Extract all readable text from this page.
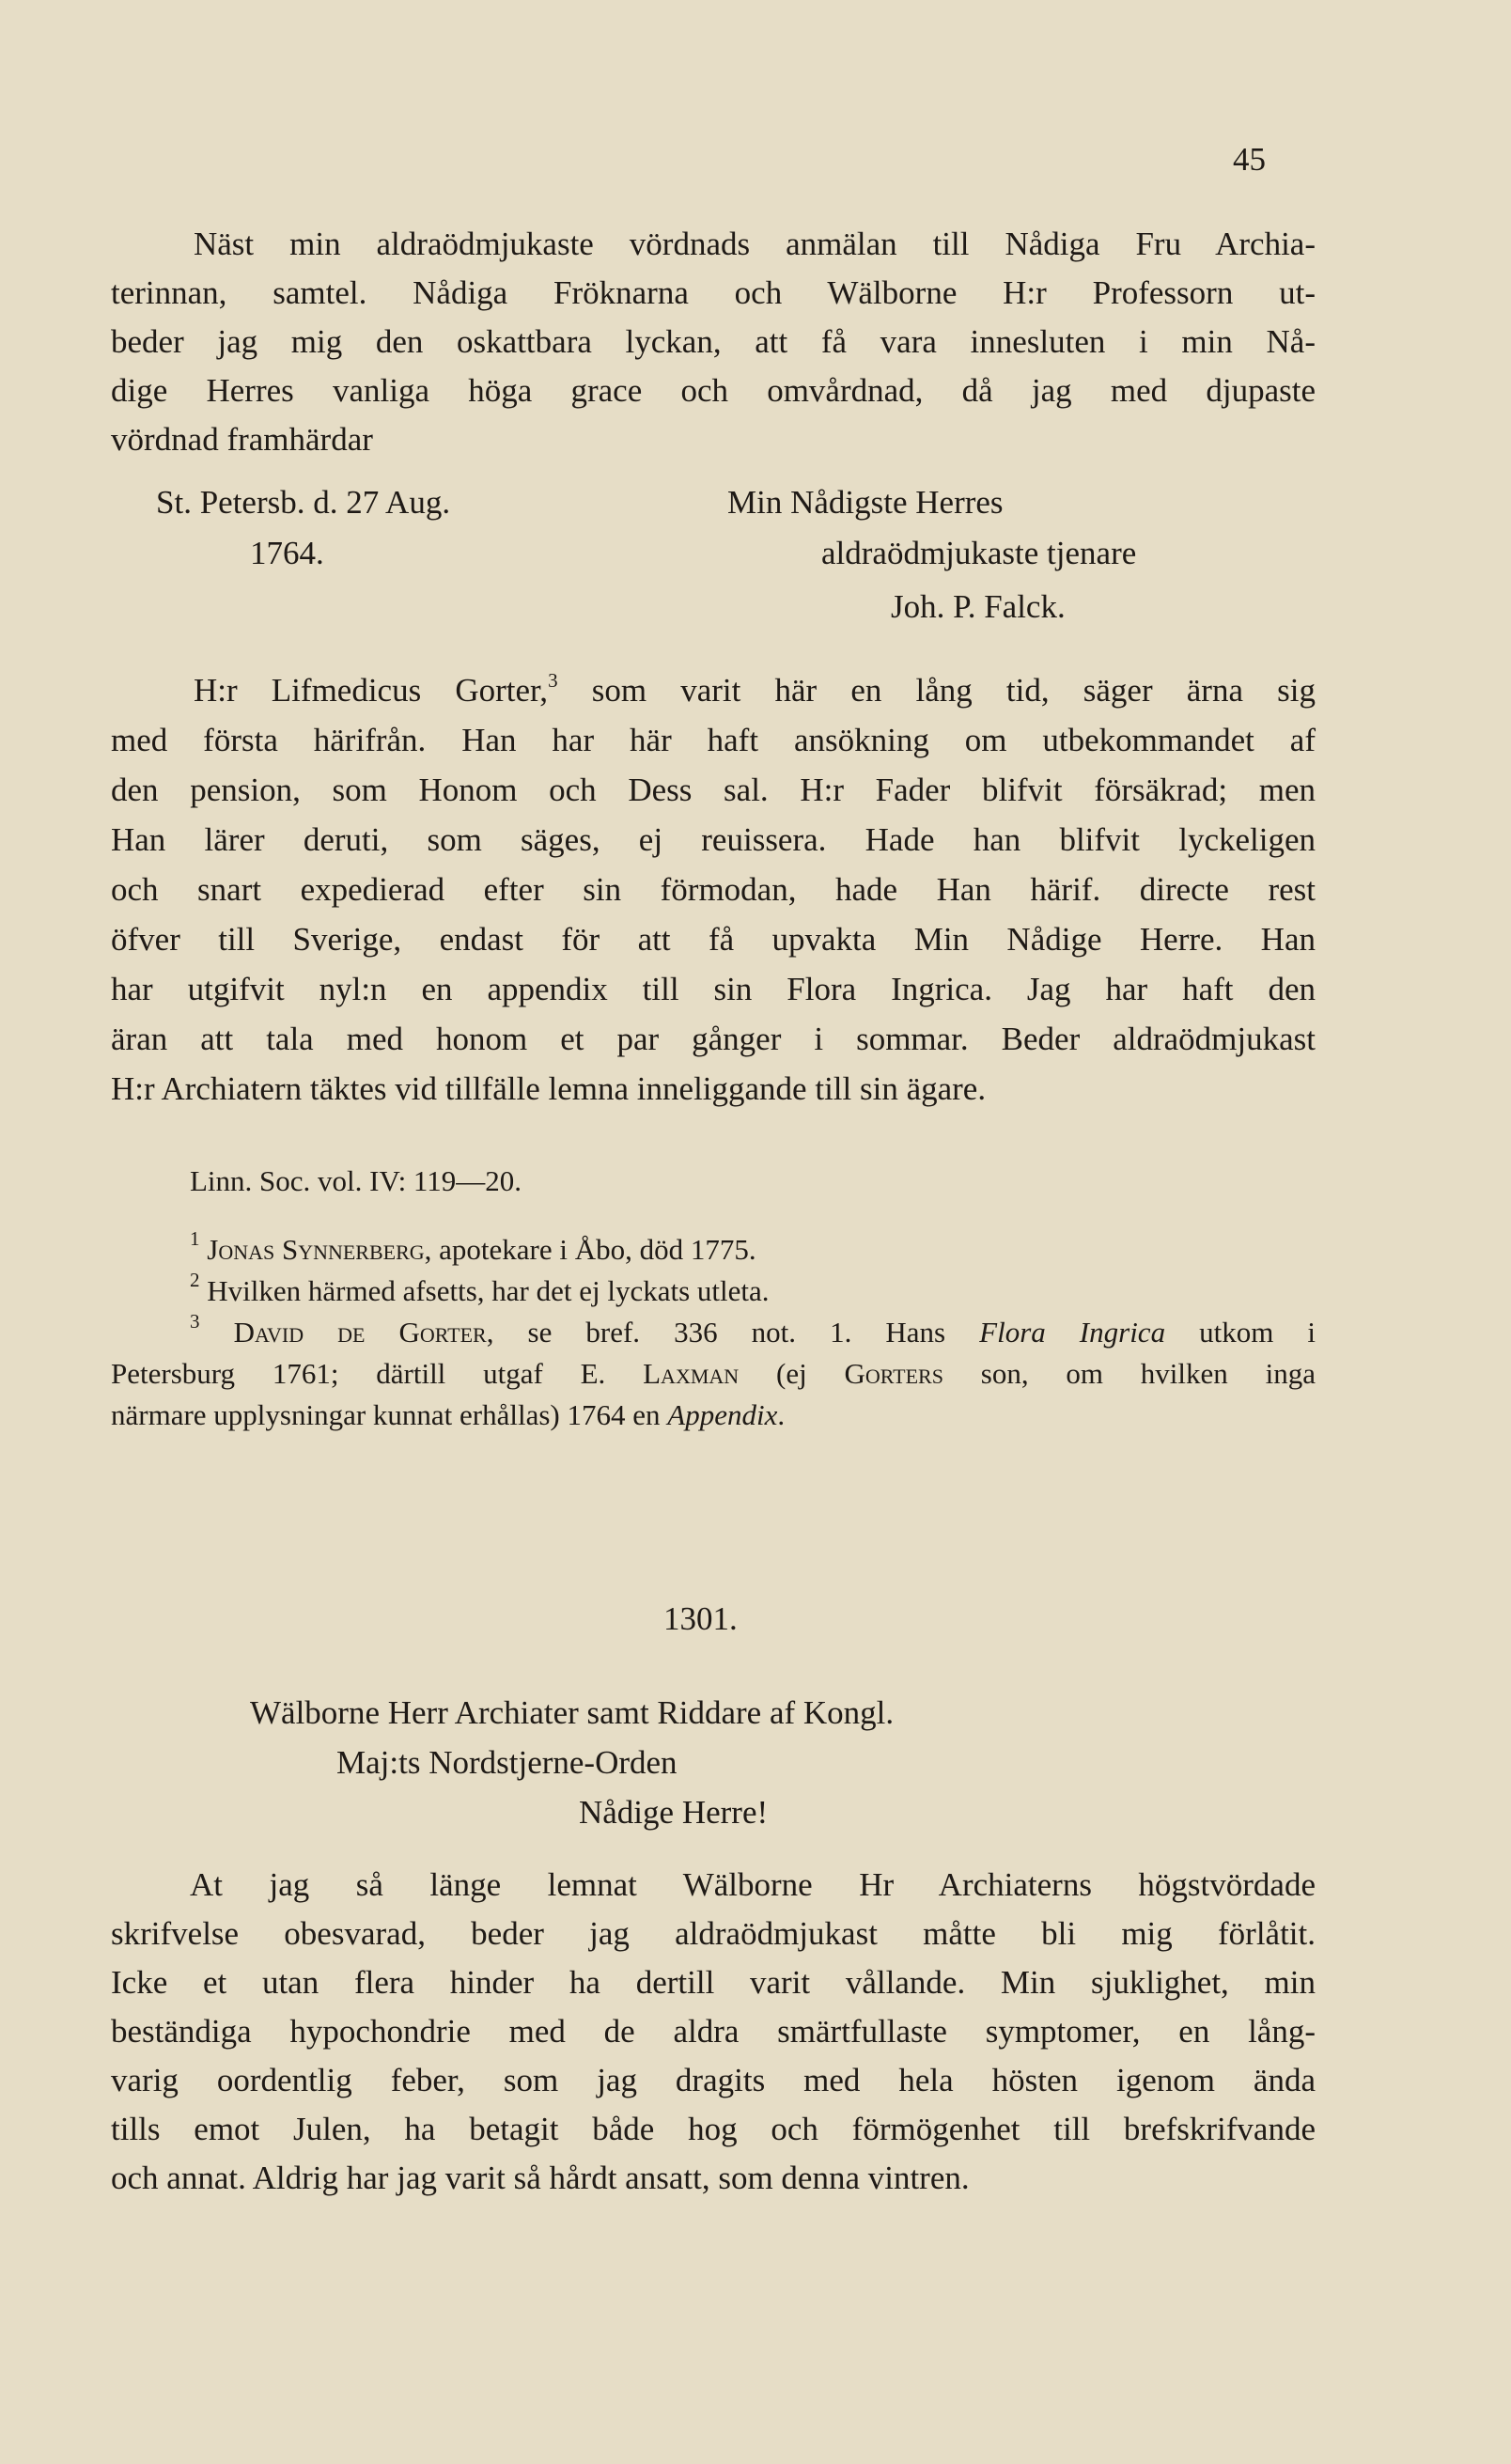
45
Näst min aldraödmjukaste vördnads anmälan till Nådiga Fru Archia-
terinnan, samtel. Nådiga Fröknarna och Wälborne H:r Professorn ut-
beder jag mig den oskattbara lyckan, att få vara innesluten i min Nå-
dige Herres vanliga höga grace och omvårdnad, då jag med djupaste
vördnad framhärdar
St. Petersb. d. 27 Aug.	Min Nådigste Herres
1764.	aldraödmjukaste tjenare
Joh. P. Falck.
H:r Lifmedicus Gorter,$^3$ som varit här en lång tid, säger ärna sig
med första härifrån. Han har här haft ansökning om utbekommandet af
den pension, som Honom och Dess sal. H:r Fader blifvit försäkrad; men
Han lärer deruti, som säges, ej reuissera. Hade han blifvit lyckeligen
och snart expedierad efter sin förmodan, hade Han härif. directe rest
öfver till Sverige, endast för att få upvakta Min Nådige Herre. Han
har utgifvit nyl:n en appendix till sin Flora Ingrica. Jag har haft den
äran att tala med honom et par gånger i sommar. Beder aldraödmjukast
H:r Archiatern täktes vid tillfälle lemna inneliggande till sin ägare.
Linn. Soc. vol. IV: 119—20.
$^1$ Jonas Synnerberg, apotekare i Åbo, död 1775.
$^2$ Hvilken härmed afsetts, har det ej lyckats utleta.
$^3$ David de Gorter, se bref. 336 not. 1. Hans Flora Ingrica utkom i
Petersburg 1761; därtill utgaf E. Laxman (ej Gorters son, om hvilken inga
närmare upplysningar kunnat erhållas) 1764 en Appendix.
1301.
Wälborne Herr Archiater samt Riddare af Kongl.
Maj:ts Nordstjerne-Orden
Nådige Herre!
At jag så länge lemnat Wälborne Hr Archiaterns högstvördade
skrifvelse obesvarad, beder jag aldraödmjukast måtte bli mig förlåtit.
Icke et utan flera hinder ha dertill varit vållande. Min sjuklighet, min
beständiga hypochondrie med de aldra smärtfullaste symptomer, en lång-
varig oordentlig feber, som jag dragits med hela hösten igenom ända
tills emot Julen, ha betagit både hog och förmögenhet till brefskrifvande
och annat. Aldrig har jag varit så hårdt ansatt, som denna vintren.
